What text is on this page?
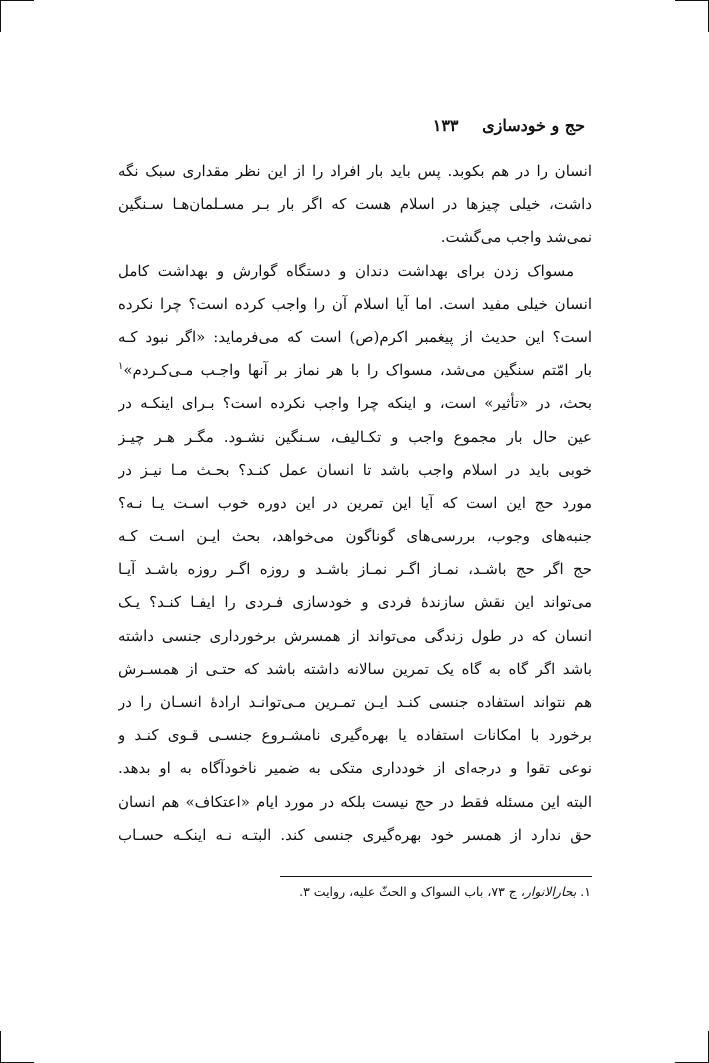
حج و خودسازی ۱۳۳
انسان را در هم بکوبد. پس باید بار افراد را از این نظر مقداری سبک نگه
داشت، خیلی چیزها در اسلام هست که اگر بار بـر مسـلمان‌هـا سـنگین
نمی‌شد واجب می‌گشت.
مسواک زدن برای بهداشت دندان و دستگاه گوارش و بهداشت کامل
انسان خیلی مفید است. اما آیا اسلام آن را واجب کرده است؟ چرا نکرده
است؟ این حدیث از پیغمبر اکرم(ص) است که می‌فرماید: «اگر نبود کـه
بار امّتم سنگین می‌شد، مسواک را با هر نماز بر آنها واجـب مـی‌کـردم»$^۱$
بحث، در «تأثیر» است، و اینکه چرا واجب نکرده است؟ بـرای اینکـه در
عین حال بار مجموع واجب و تکـالیف، سـنگین نشـود. مگـر هـر چیـز
خوبی باید در اسلام واجب باشد تا انسان عمل کنـد؟ بحـث مـا نیـز در
مورد حج این است که آیا این تمرین در این دوره خوب اسـت یـا نـه؟
جنبه‌های وجوب، بررسی‌های گوناگون می‌خواهد، بحث ایـن اسـت کـه
حج اگر حج باشـد، نمـاز اگـر نمـاز باشـد و روزه اگـر روزه باشـد آیـا
می‌تواند این نقش سازندهٔ فردی و خودسازی فـردی را ایفـا کنـد؟ یـک
انسان که در طول زندگی می‌تواند از همسرش برخورداری جنسی داشته
باشد اگر گاه به گاه یک تمرین سالانه داشته باشد که حتـی از همسـرش
هم نتواند استفاده جنسی کنـد ایـن تمـرین مـی‌توانـد ارادهٔ انسـان را در
برخورد با امکانات استفاده یا بهره‌گیری نامشـروع جنسـی قـوی کنـد و
نوعی تقوا و درجه‌ای از خودداری متکی به ضمیر ناخودآگاه به او بدهد.
البته این مسئله فقط در حج نیست بلکه در مورد ایام «اعتکاف» هم انسان
حق ندارد از همسر خود بهره‌گیری جنسی کند. البتـه نـه اینکـه حسـاب
۱. بحارالانوار، ج ۷۳، باب السواک و الحثّ علیه، روایت ۳.
